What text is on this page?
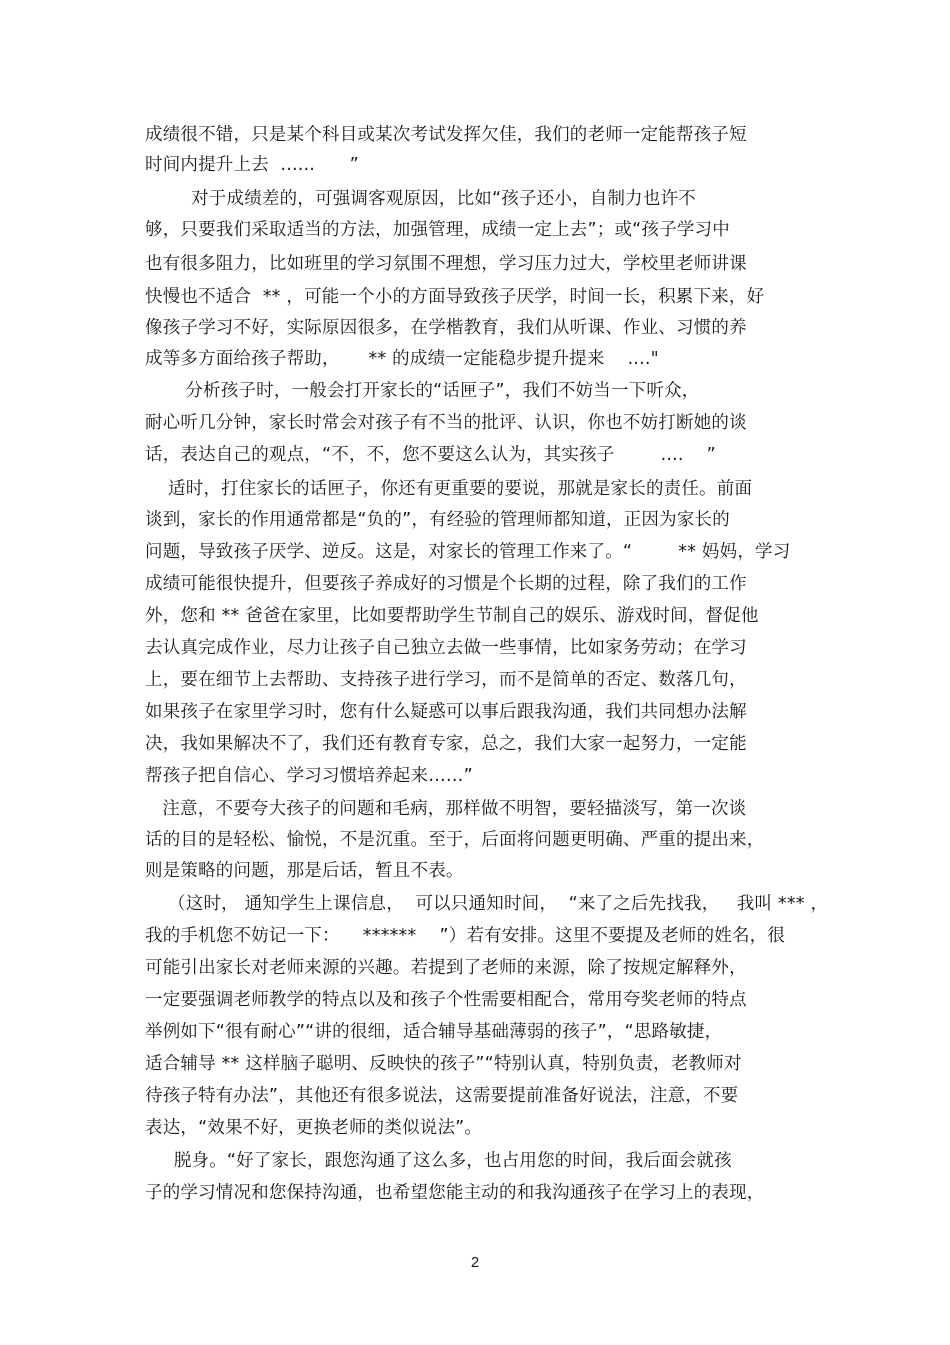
成绩很不错，只是某个科目或某次考试发挥欠佳，我们的老师一定能帮孩子短
时间内提升上去  ......      ”
对于成绩差的，可强调客观原因，比如“孩子还小，自制力也许不
够，只要我们采取适当的方法，加强管理，成绩一定上去”；或“孩子学习中
也有很多阻力，比如班里的学习氛围不理想，学习压力过大，学校里老师讲课
快慢也不适合  ** ，可能一个小的方面导致孩子厌学，时间一长，积累下来，好
像孩子学习不好，实际原因很多，在学楷教育，我们从听课、作业、习惯的养
成等多方面给孩子帮助，     ** 的成绩一定能稳步提升提来    ...."
分析孩子时，一般会打开家长的“话匣子”，我们不妨当一下听众，
耐心听几分钟，家长时常会对孩子有不当的批评、认识，你也不妨打断她的谈
话，表达自己的观点，“不，不，您不要这么认为，其实孩子        ....    ”
适时，打住家长的话匣子，你还有更重要的要说，那就是家长的责任。前面
谈到，家长的作用通常都是“负的”，有经验的管理师都知道，正因为家长的
问题，导致孩子厌学、逆反。这是，对家长的管理工作来了。“        ** 妈妈，学习
成绩可能很快提升，但要孩子养成好的习惯是个长期的过程，除了我们的工作
外，您和 ** 爸爸在家里，比如要帮助学生节制自己的娱乐、游戏时间，督促他
去认真完成作业，尽力让孩子自己独立去做一些事情，比如家务劳动；在学习
上，要在细节上去帮助、支持孩子进行学习，而不是简单的否定、数落几句，
如果孩子在家里学习时，您有什么疑惑可以事后跟我沟通，我们共同想办法解
决，我如果解决不了，我们还有教育专家，总之，我们大家一起努力，一定能
帮孩子把自信心、学习习惯培养起来……”
注意，不要夸大孩子的问题和毛病，那样做不明智，要轻描淡写，第一次谈
话的目的是轻松、愉悦，不是沉重。至于，后面将问题更明确、严重的提出来，
则是策略的问题，那是后话，暂且不表。
（这时， 通知学生上课信息，  可以只通知时间，  “来了之后先找我，   我叫 *** ，
我的手机您不妨记一下：    ******    ”）若有安排。这里不要提及老师的姓名，很
可能引出家长对老师来源的兴趣。若提到了老师的来源，除了按规定解释外，
一定要强调老师教学的特点以及和孩子个性需要相配合，常用夸奖老师的特点
举例如下“很有耐心”“讲的很细，适合辅导基础薄弱的孩子”，“思路敏捷，
适合辅导 ** 这样脑子聪明、反映快的孩子”“特别认真，特别负责，老教师对
待孩子特有办法”，其他还有很多说法，这需要提前准备好说法，注意，不要
表达，“效果不好，更换老师的类似说法”。
脱身。“好了家长，跟您沟通了这么多，也占用您的时间，我后面会就孩
子的学习情况和您保持沟通，也希望您能主动的和我沟通孩子在学习上的表现，
2
